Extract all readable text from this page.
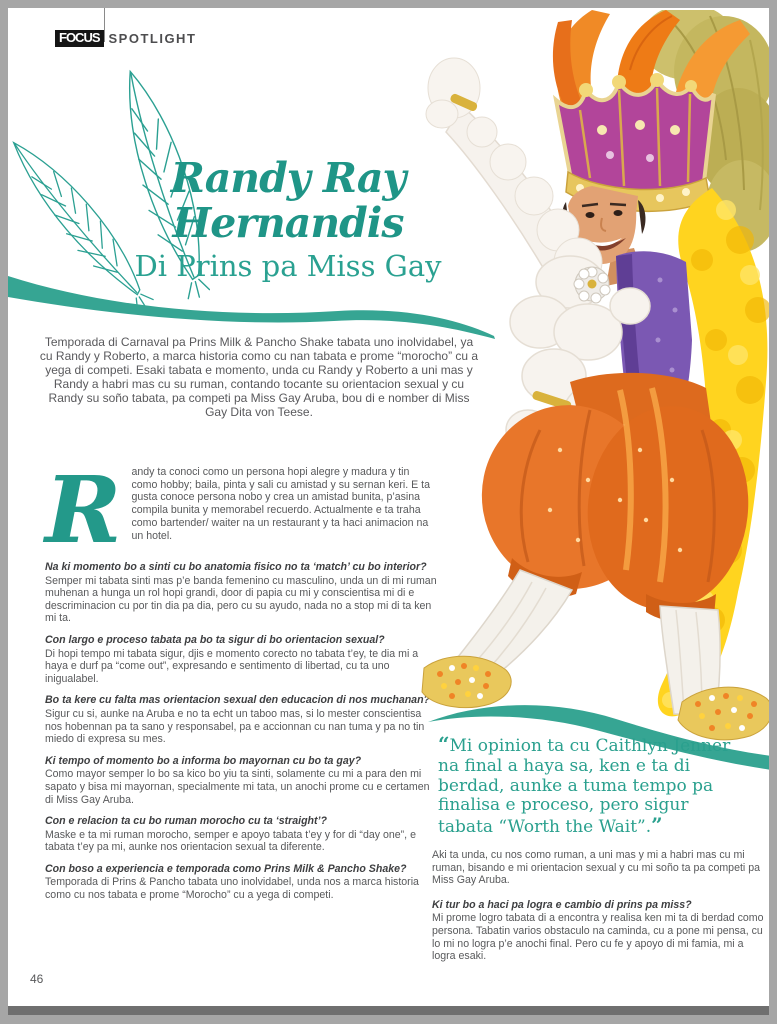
FOCUS SPOTLIGHT
Randy Ray
Hernandis
Di Prins pa Miss Gay
Temporada di Carnaval pa Prins Milk & Pancho Shake tabata uno inolvidabel, ya cu Randy y Roberto, a marca historia como cu nan tabata e prome “morocho” cu a yega di competi. Esaki tabata e momento, unda cu Randy y Roberto a uni mas y Randy a habri mas cu su ruman, contando tocante su orientacion sexual y cu Randy su soño tabata, pa competi pa Miss Gay Aruba, bou di e nomber di Miss Gay Dita von Teese.
Randy ta conoci como un persona hopi alegre y madura y tin como hobby; baila, pinta y sali cu amistad y su sernan keri. E ta gusta conoce persona nobo y crea un amistad bunita, p’asina compila bunita y memorabel recuerdo. Actualmente e ta traha como bartender/ waiter na un restaurant y ta haci animacion na un hotel.
Na ki momento bo a sinti cu bo anatomia fisico no ta ‘match’ cu bo interior?
Semper mi tabata sinti mas p’e banda femenino cu masculino, unda un di mi ruman muhenan a hunga un rol hopi grandi, door di papia cu mi y conscientisa mi di e descriminacion cu por tin dia pa dia, pero cu su ayudo, nada no a stop mi di ta ken mi ta.
Con largo e proceso tabata pa bo ta sigur di bo orientacion sexual?
Di hopi tempo mi tabata sigur, djis e momento corecto no tabata t’ey, te dia mi a haya e durf pa “come out”, expresando e sentimento di libertad, cu ta uno inigualabel.
Bo ta kere cu falta mas orientacion sexual den educacion di nos muchanan?
Sigur cu si, aunke na Aruba e no ta echt un taboo mas, si lo mester conscientisa nos hobennan pa ta sano y responsabel, pa e accionnan cu nan tuma y pa no tin miedo di expresa su mes.
Ki tempo of momento bo a informa bo mayornan cu bo ta gay?
Como mayor semper lo bo sa kico bo yiu ta sinti, solamente cu mi a para den mi sapato y bisa mi mayornan, specialmente mi tata, un anochi prome cu e certamen di Miss Gay Aruba.
Con e relacion ta cu bo ruman morocho cu ta ‘straight’?
Maske e ta mi ruman morocho, semper e apoyo tabata t’ey y for di “day one”, e tabata t’ey pa mi, aunke nos orientacion sexual ta diferente.
Con boso a experiencia e temporada como Prins Milk & Pancho Shake?
Temporada di Prins & Pancho tabata uno inolvidabel, unda nos a marca historia como cu nos tabata e prome “Morocho” cu a yega di competi.
“Mi opinion ta cu Caithlyn Jenner na final a haya sa, ken e ta di berdad, aunke a tuma tempo pa finalisa e proceso, pero sigur tabata “Worth the Wait”.”
Aki ta unda, cu nos como ruman, a uni mas y mi a habri mas cu mi ruman, bisando e mi orientacion sexual y cu mi soño ta pa competi pa Miss Gay Aruba.
Ki tur bo a haci pa logra e cambio di prins pa miss?
Mi prome logro tabata di a encontra y realisa ken mi ta di berdad como persona. Tabatin varios obstaculo na caminda, cu a pone mi pensa, cu lo mi no logra p’e anochi final. Pero cu fe y apoyo di mi famia, mi a logra esaki.
46
